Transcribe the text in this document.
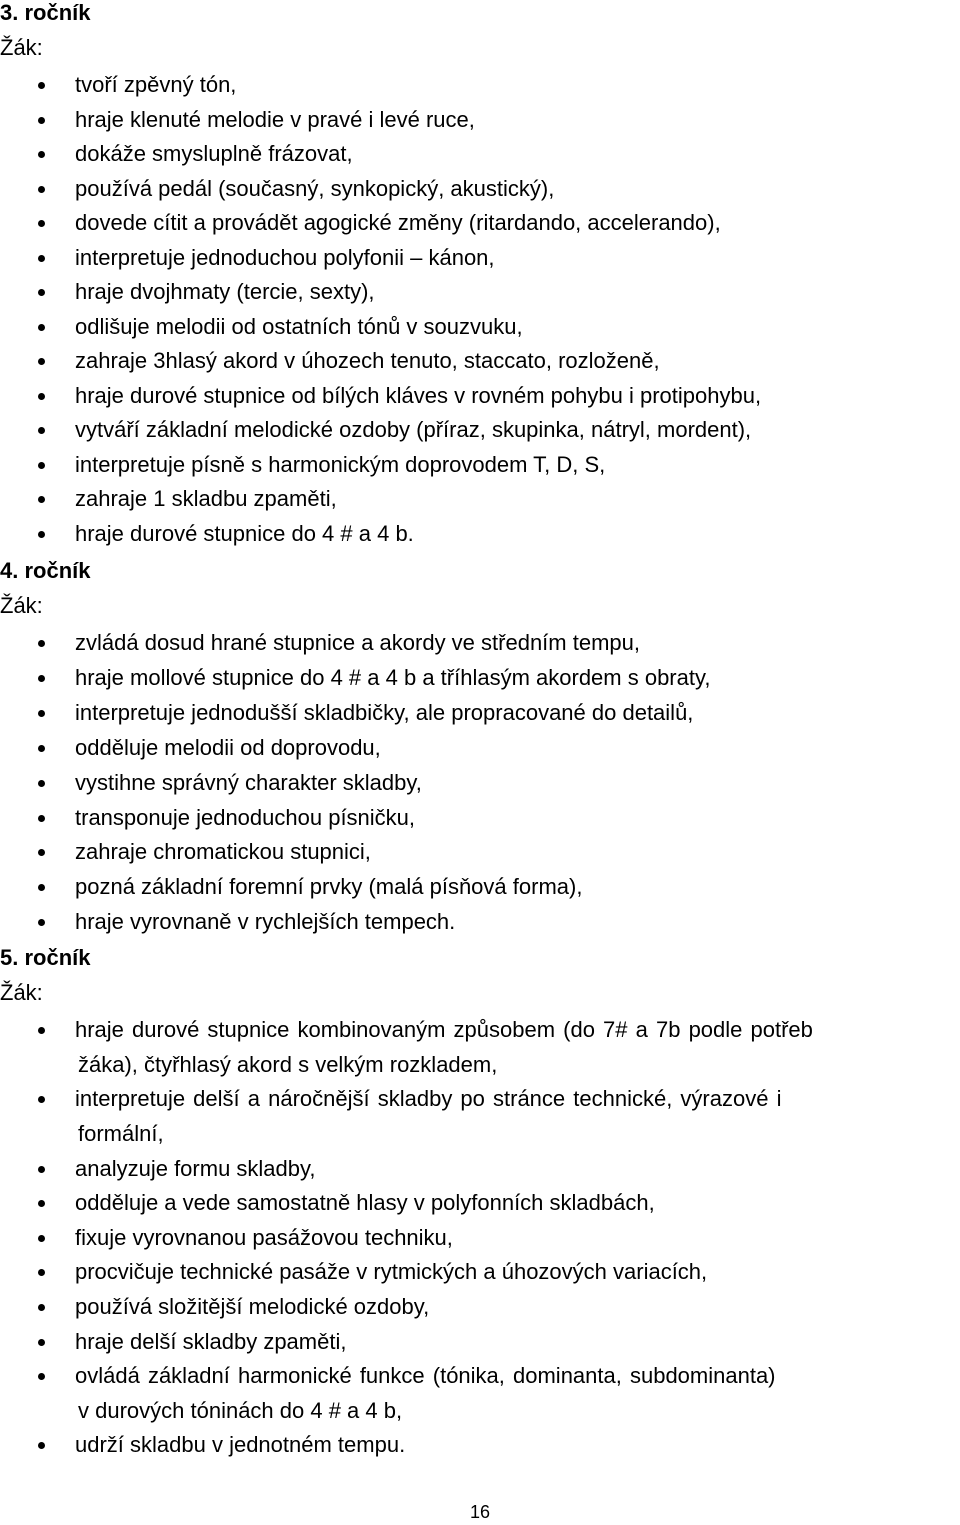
3. ročník
Žák:
tvoří zpěvný tón,
hraje klenuté melodie v pravé i levé ruce,
dokáže smysluplně frázovat,
používá pedál (současný, synkopický, akustický),
dovede cítit a provádět agogické změny (ritardando, accelerando),
interpretuje jednoduchou polyfonii – kánon,
hraje dvojhmaty (tercie, sexty),
odlišuje melodii od ostatních tónů v souzvuku,
zahraje 3hlasý akord v úhozech tenuto, staccato, rozloženě,
hraje durové stupnice od bílých kláves v rovném pohybu i protipohybu,
vytváří základní melodické ozdoby (příraz, skupinka, nátryl, mordent),
interpretuje písně s harmonickým doprovodem T, D, S,
zahraje 1 skladbu zpaměti,
hraje durové stupnice do 4 # a 4 b.
4. ročník
Žák:
zvládá dosud hrané stupnice a akordy ve středním tempu,
hraje mollové stupnice do 4 # a 4 b a tříhlasým akordem s obraty,
interpretuje jednodušší skladbičky, ale propracované do detailů,
odděluje melodii od doprovodu,
vystihne správný charakter skladby,
transponuje jednoduchou písničku,
zahraje chromatickou stupnici,
pozná základní foremní prvky (malá písňová forma),
hraje vyrovnaně v rychlejších tempech.
5. ročník
Žák:
hraje durové stupnice kombinovaným způsobem (do 7# a 7b podle potřeb
žáka), čtyřhlasý akord s velkým rozkladem,
interpretuje delší a náročnější skladby po stránce technické, výrazové i
formální,
analyzuje formu skladby,
odděluje a vede samostatně hlasy v polyfonních skladbách,
fixuje vyrovnanou pasážovou techniku,
procvičuje technické pasáže v rytmických a úhozových variacích,
používá složitější melodické ozdoby,
hraje delší skladby zpaměti,
ovládá základní harmonické funkce (tónika, dominanta, subdominanta)
v durových tóninách do 4 # a 4 b,
udrží skladbu v jednotném tempu.
16
